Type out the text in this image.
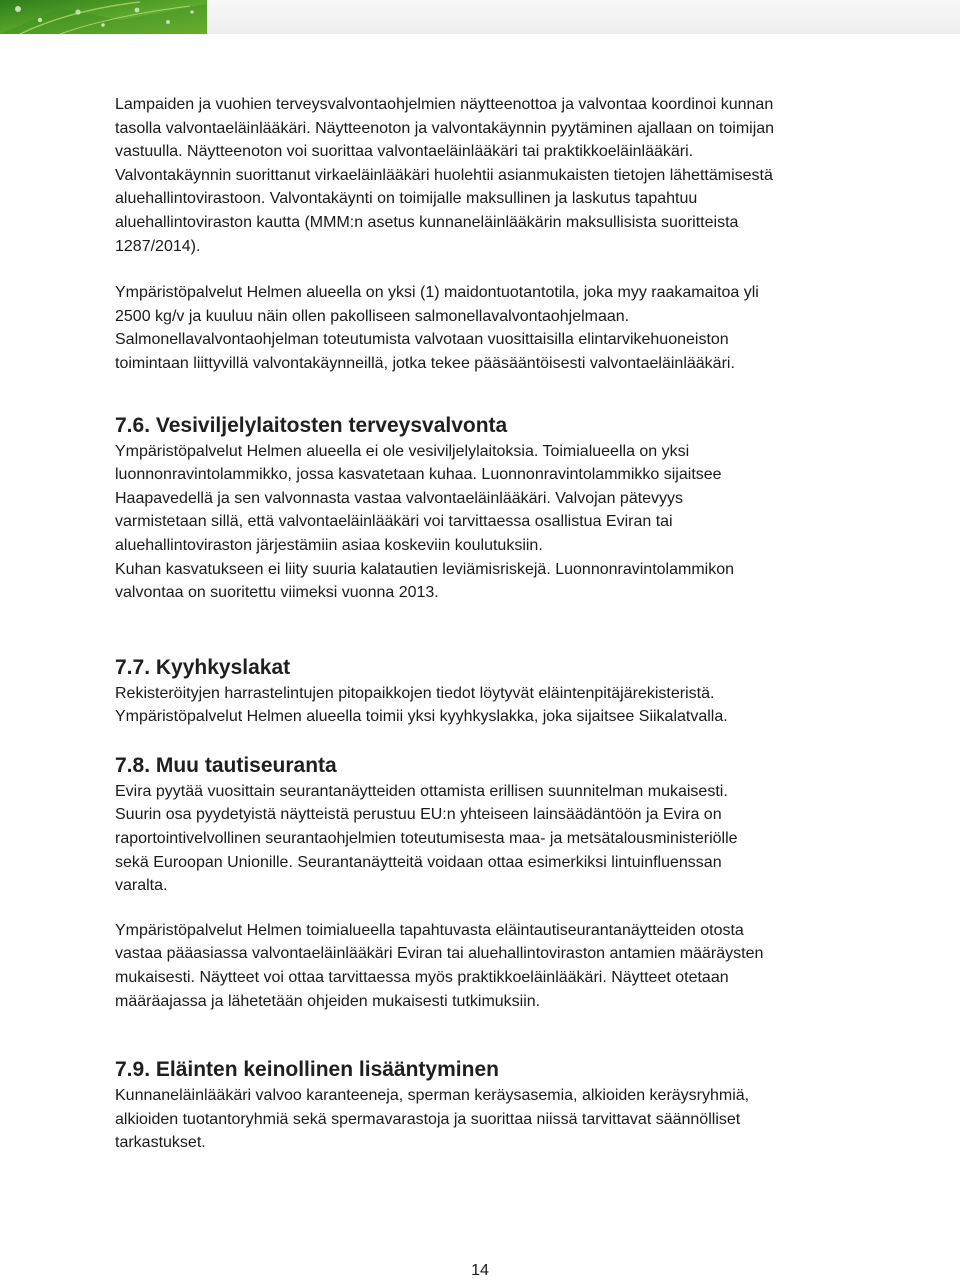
Lampaiden ja vuohien terveysvalvontaohjelmien näytteenottoa ja valvontaa koordinoi kunnan
tasolla valvontaeläinlääkäri. Näytteenoton ja valvontakäynnin pyytäminen ajallaan on toimijan
vastuulla. Näytteenoton voi suorittaa valvontaeläinlääkäri tai praktikkoeläinlääkäri.
Valvontakäynnin suorittanut virkaeläinlääkäri huolehtii asianmukaisten tietojen lähettämisestä
aluehallintovirastoon. Valvontakäynti on toimijalle maksullinen ja laskutus tapahtuu
aluehallintoviraston kautta (MMM:n asetus kunnaneläinlääkärin maksullisista suoritteista
1287/2014).

Ympäristöpalvelut Helmen alueella on yksi (1) maidontuotantotila, joka myy raakamaitoa yli
2500 kg/v ja kuuluu näin ollen pakolliseen salmonellavalvontaohjelmaan.
Salmonellavalvontaohjelman toteutumista valvotaan vuosittaisilla elintarvikehuoneiston
toimintaan liittyvillä valvontakäynneillä, jotka tekee pääsääntöisesti valvontaeläinlääkäri.

7.6. Vesiviljelylaitosten terveysvalvonta

Ympäristöpalvelut Helmen alueella ei ole vesiviljelylaitoksia. Toimialueella on yksi
luonnonravintolammikko, jossa kasvatetaan kuhaa. Luonnonravintolammikko sijaitsee
Haapavedellä ja sen valvonnasta vastaa valvontaeläinlääkäri. Valvojan pätevyys
varmistetaan sillä, että valvontaeläinlääkäri voi tarvittaessa osallistua Eviran tai
aluehallintoviraston järjestämiin asiaa koskeviin koulutuksiin.
Kuhan kasvatukseen ei liity suuria kalatautien leviämisriskejä. Luonnonravintolammikon
valvontaa on suoritettu viimeksi vuonna 2013.

7.7. Kyyhkyslakat

Rekisteröityjen harrastelintujen pitopaikkojen tiedot löytyvät eläintenpitäjärekisteristä.
Ympäristöpalvelut Helmen alueella toimii yksi kyyhkyslakka, joka sijaitsee Siikalatvalla.

7.8. Muu tautiseuranta

Evira pyytää vuosittain seurantanäytteiden ottamista erillisen suunnitelman mukaisesti.
Suurin osa pyydetyistä näytteistä perustuu EU:n yhteiseen lainsäädäntöön ja Evira on
raportointivelvollinen seurantaohjelmien toteutumisesta maa- ja metsätalousministeriölle
sekä Euroopan Unionille. Seurantanäytteitä voidaan ottaa esimerkiksi lintuinfluenssan
varalta.

Ympäristöpalvelut Helmen toimialueella tapahtuvasta eläintautiseurantanäytteiden otosta
vastaa pääasiassa valvontaeläinlääkäri Eviran tai aluehallintoviraston antamien määräysten
mukaisesti. Näytteet voi ottaa tarvittaessa myös praktikkoeläinlääkäri. Näytteet otetaan
määräajassa ja lähetetään ohjeiden mukaisesti tutkimuksiin.

7.9. Eläinten keinollinen lisääntyminen

Kunnaneläinlääkäri valvoo karanteeneja, sperman keräysasemia, alkioiden keräysryhmiä,
alkioiden tuotantoryhmiä sekä spermavarastoja ja suorittaa niissä tarvittavat säännölliset
tarkastukset.

14
